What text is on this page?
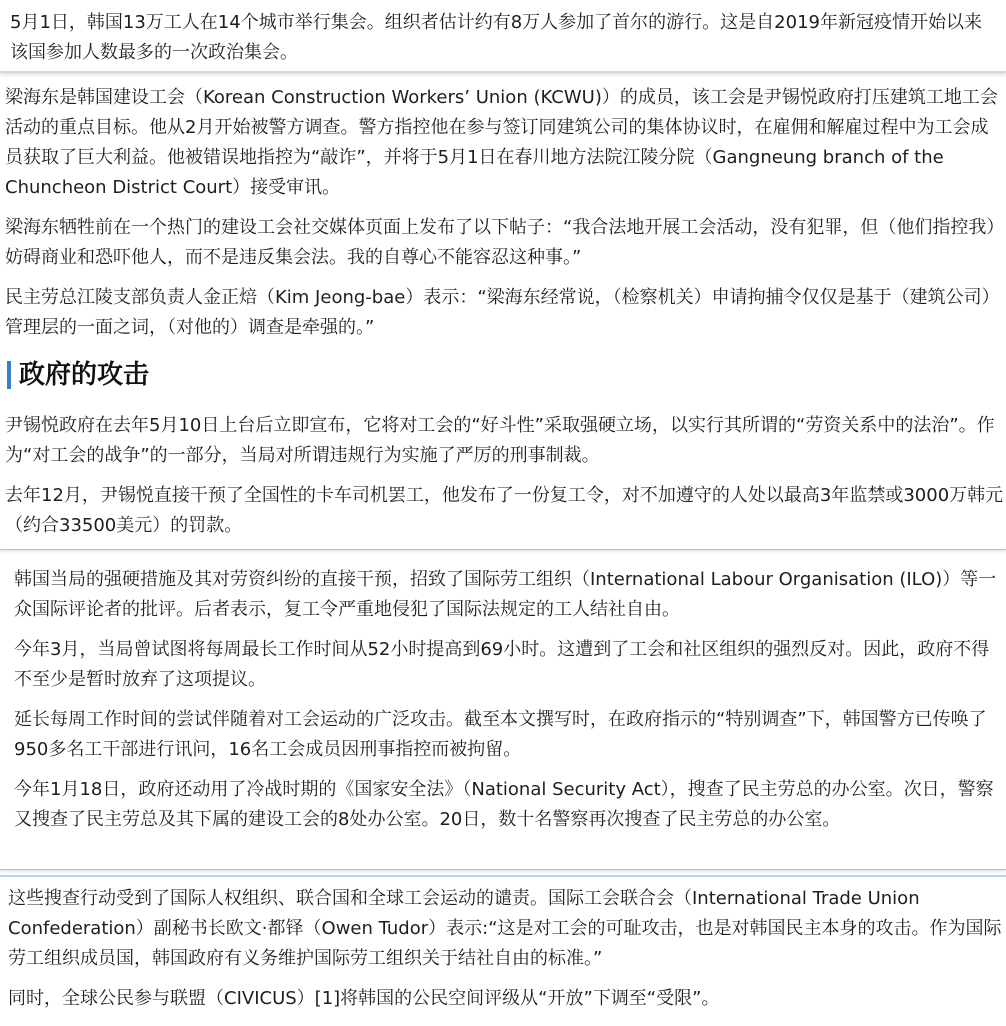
5月1日，韩国13万工人在14个城市举行集会。组织者估计约有8万人参加了首尔的游行。这是自2019年新冠疫情开始以来该国参加人数最多的一次政治集会。

梁海东是韩国建设工会（Korean Construction Workers’ Union (KCWU)）的成员，该工会是尹锡悦政府打压建筑工地工会活动的重点目标。他从2月开始被警方调查。警方指控他在参与签订同建筑公司的集体协议时，在雇佣和解雇过程中为工会成员获取了巨大利益。他被错误地指控为“敲诈”，并将于5月1日在春川地方法院江陵分院（Gangneung branch of the Chuncheon District Court）接受审讯。

梁海东牺牲前在一个热门的建设工会社交媒体页面上发布了以下帖子：“我合法地开展工会活动，没有犯罪，但（他们指控我）妨碍商业和恐吓他人，而不是违反集会法。我的自尊心不能容忍这种事。”

民主劳总江陵支部负责人金正焙（Kim Jeong-bae）表示：“梁海东经常说，（检察机关）申请拘捕令仅仅是基于（建筑公司）管理层的一面之词，（对他的）调查是牵强的。”

政府的攻击

尹锡悦政府在去年5月10日上台后立即宣布，它将对工会的“好斗性”采取强硬立场，以实行其所谓的“劳资关系中的法治”。作为“对工会的战争”的一部分，当局对所谓违规行为实施了严厉的刑事制裁。

去年12月，尹锡悦直接干预了全国性的卡车司机罢工，他发布了一份复工令，对不加遵守的人处以最高3年监禁或3000万韩元（约合33500美元）的罚款。

韩国当局的强硬措施及其对劳资纠纷的直接干预，招致了国际劳工组织（International Labour Organisation (ILO)）等一众国际评论者的批评。后者表示，复工令严重地侵犯了国际法规定的工人结社自由。

今年3月，当局曾试图将每周最长工作时间从52小时提高到69小时。这遭到了工会和社区组织的强烈反对。因此，政府不得不至少是暂时放弃了这项提议。

延长每周工作时间的尝试伴随着对工会运动的广泛攻击。截至本文撰写时，在政府指示的“特别调查”下，韩国警方已传唤了950多名工干部进行讯问，16名工会成员因刑事指控而被拘留。

今年1月18日，政府还动用了冷战时期的《国家安全法》（National Security Act），搜查了民主劳总的办公室。次日，警察又搜查了民主劳总及其下属的建设工会的8处办公室。20日，数十名警察再次搜查了民主劳总的办公室。

这些搜查行动受到了国际人权组织、联合国和全球工会运动的谴责。国际工会联合会（International Trade Union Confederation）副秘书长欧文·都铎（Owen Tudor）表示:“这是对工会的可耻攻击，也是对韩国民主本身的攻击。作为国际劳工组织成员国，韩国政府有义务维护国际劳工组织关于结社自由的标准。”

同时，全球公民参与联盟（CIVICUS）[1]将韩国的公民空间评级从“开放”下调至“受限”。
